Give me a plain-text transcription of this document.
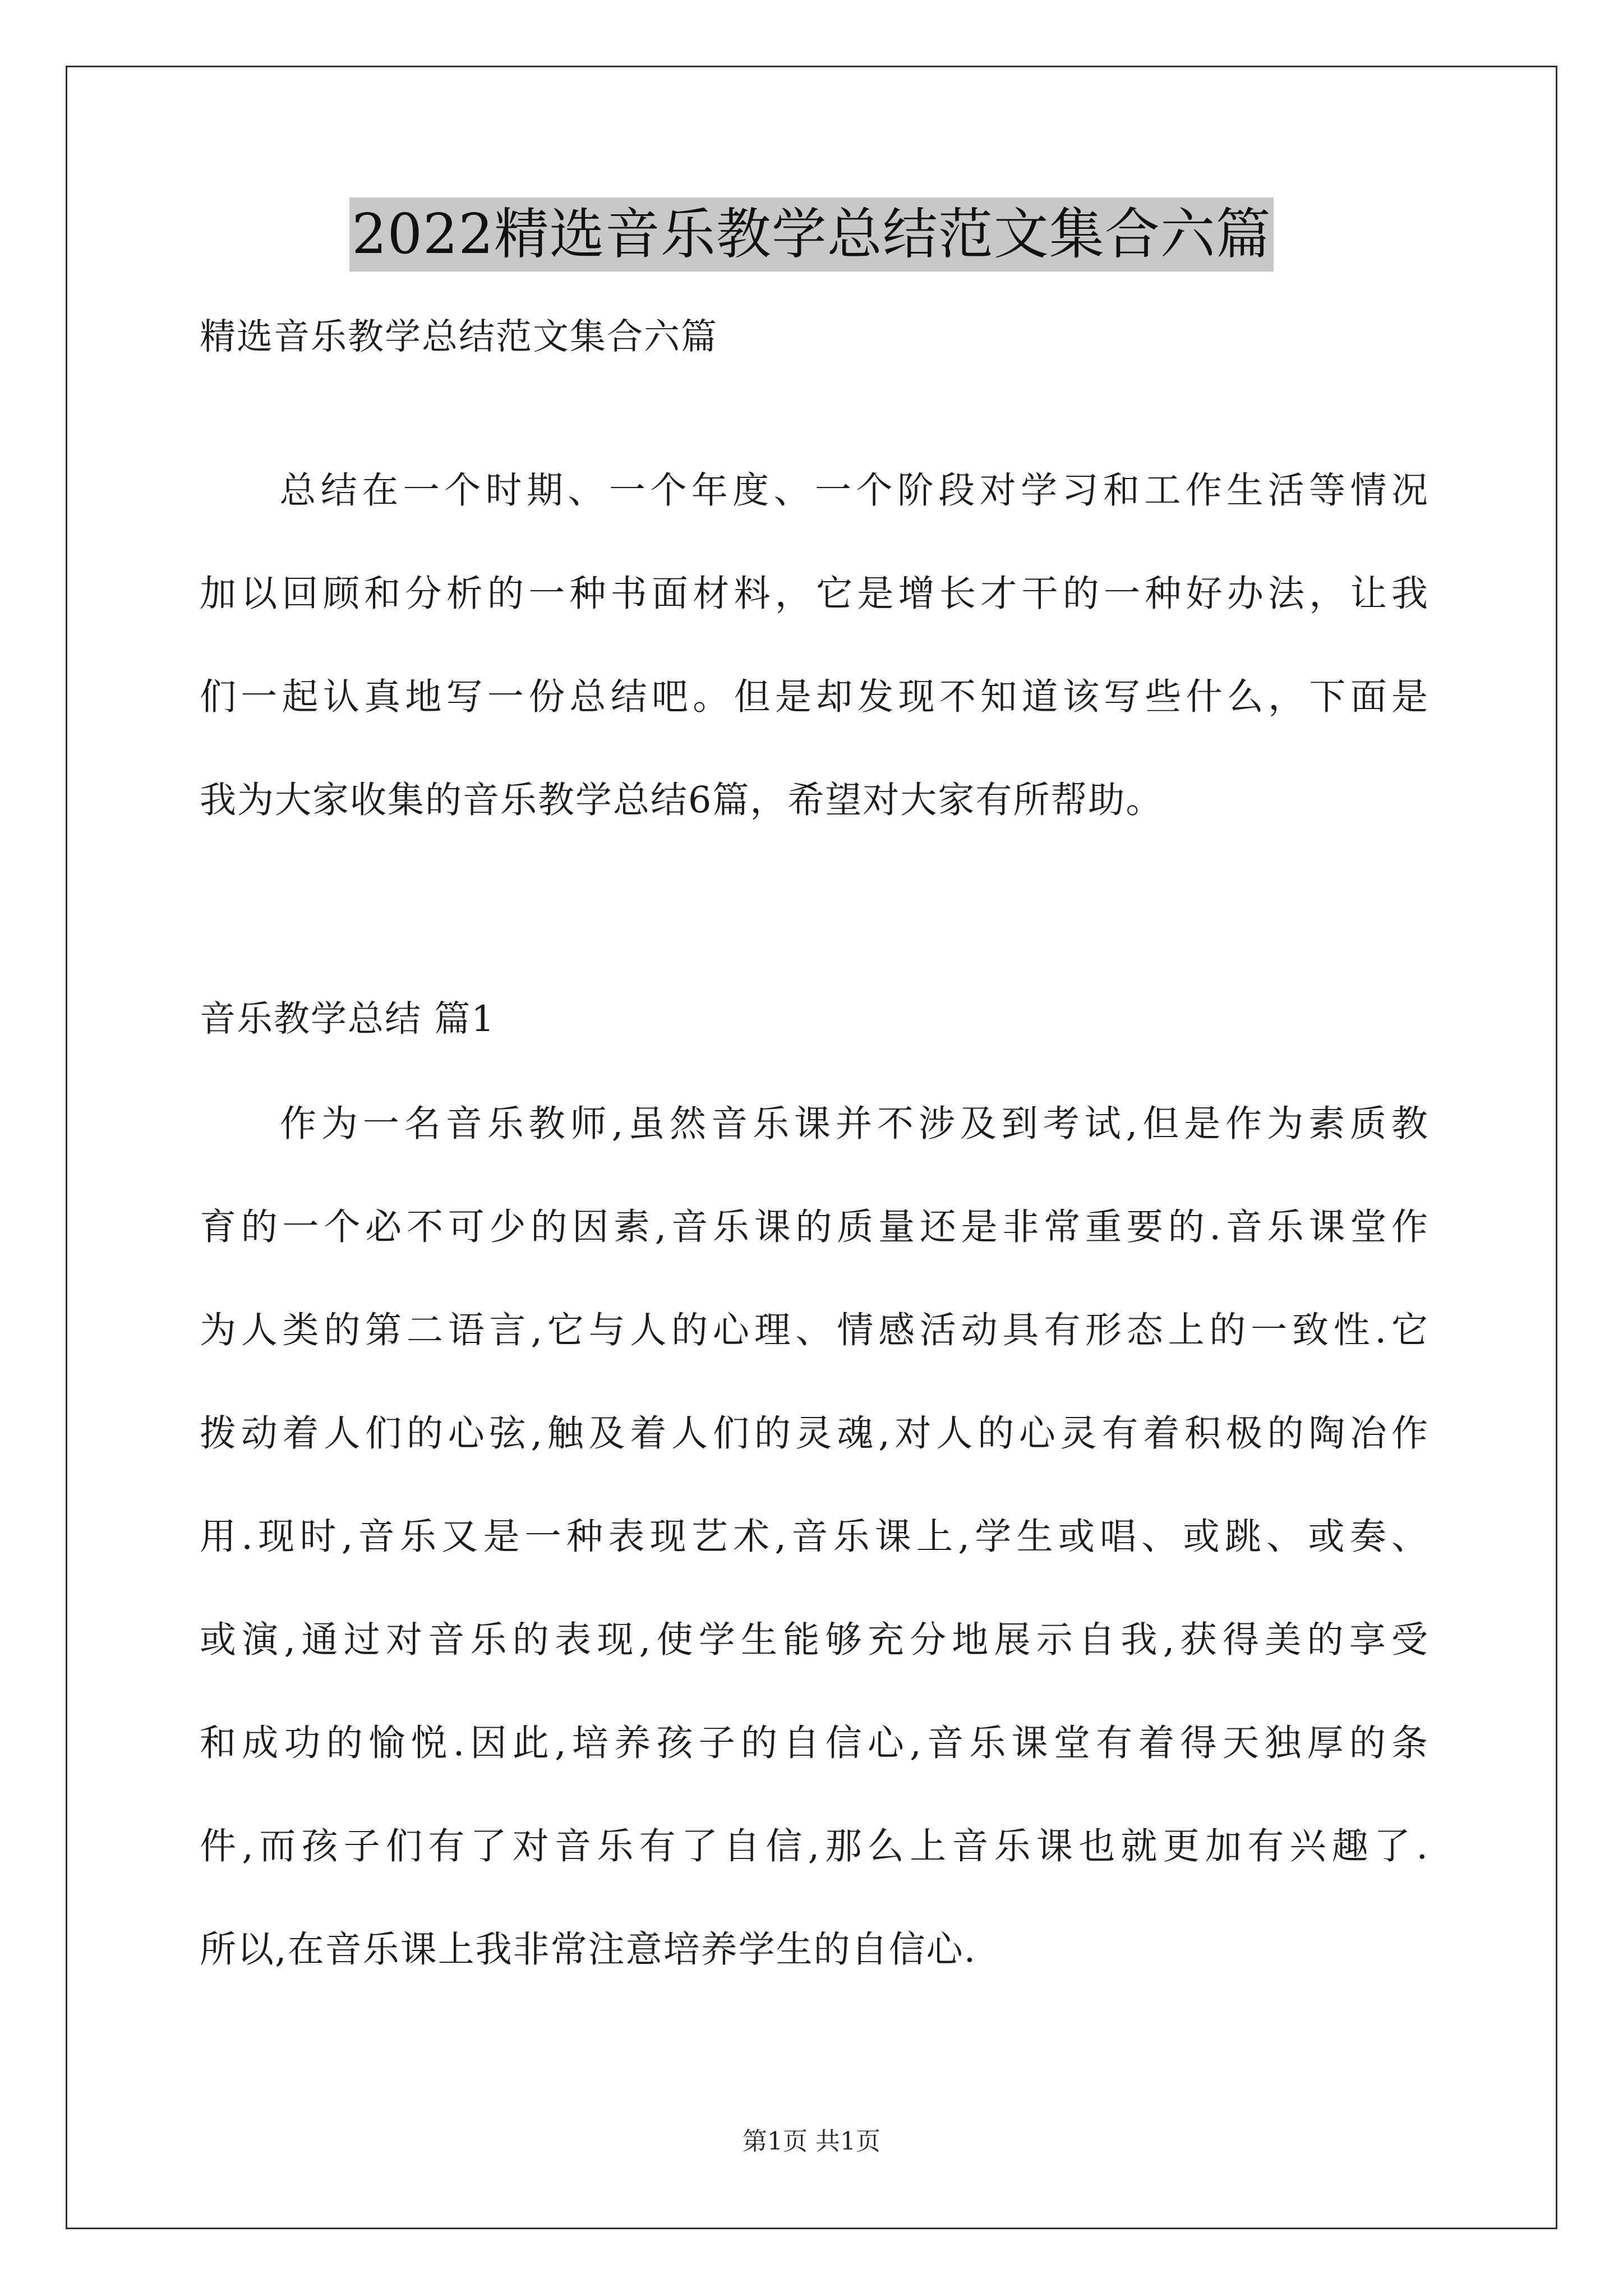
2022精选音乐教学总结范文集合六篇
精选音乐教学总结范文集合六篇
总结在一个时期、一个年度、一个阶段对学习和工作生活等情况
加以回顾和分析的一种书面材料，它是增长才干的一种好办法，让我
们一起认真地写一份总结吧。但是却发现不知道该写些什么，下面是
我为大家收集的音乐教学总结6篇，希望对大家有所帮助。
音乐教学总结 篇1
作为一名音乐教师,虽然音乐课并不涉及到考试,但是作为素质教
育的一个必不可少的因素,音乐课的质量还是非常重要的.音乐课堂作
为人类的第二语言,它与人的心理、情感活动具有形态上的一致性.它
拨动着人们的心弦,触及着人们的灵魂,对人的心灵有着积极的陶冶作
用.现时,音乐又是一种表现艺术,音乐课上,学生或唱、或跳、或奏、
或演,通过对音乐的表现,使学生能够充分地展示自我,获得美的享受
和成功的愉悦.因此,培养孩子的自信心,音乐课堂有着得天独厚的条
件,而孩子们有了对音乐有了自信,那么上音乐课也就更加有兴趣了.
所以,在音乐课上我非常注意培养学生的自信心.
第1页 共1页
